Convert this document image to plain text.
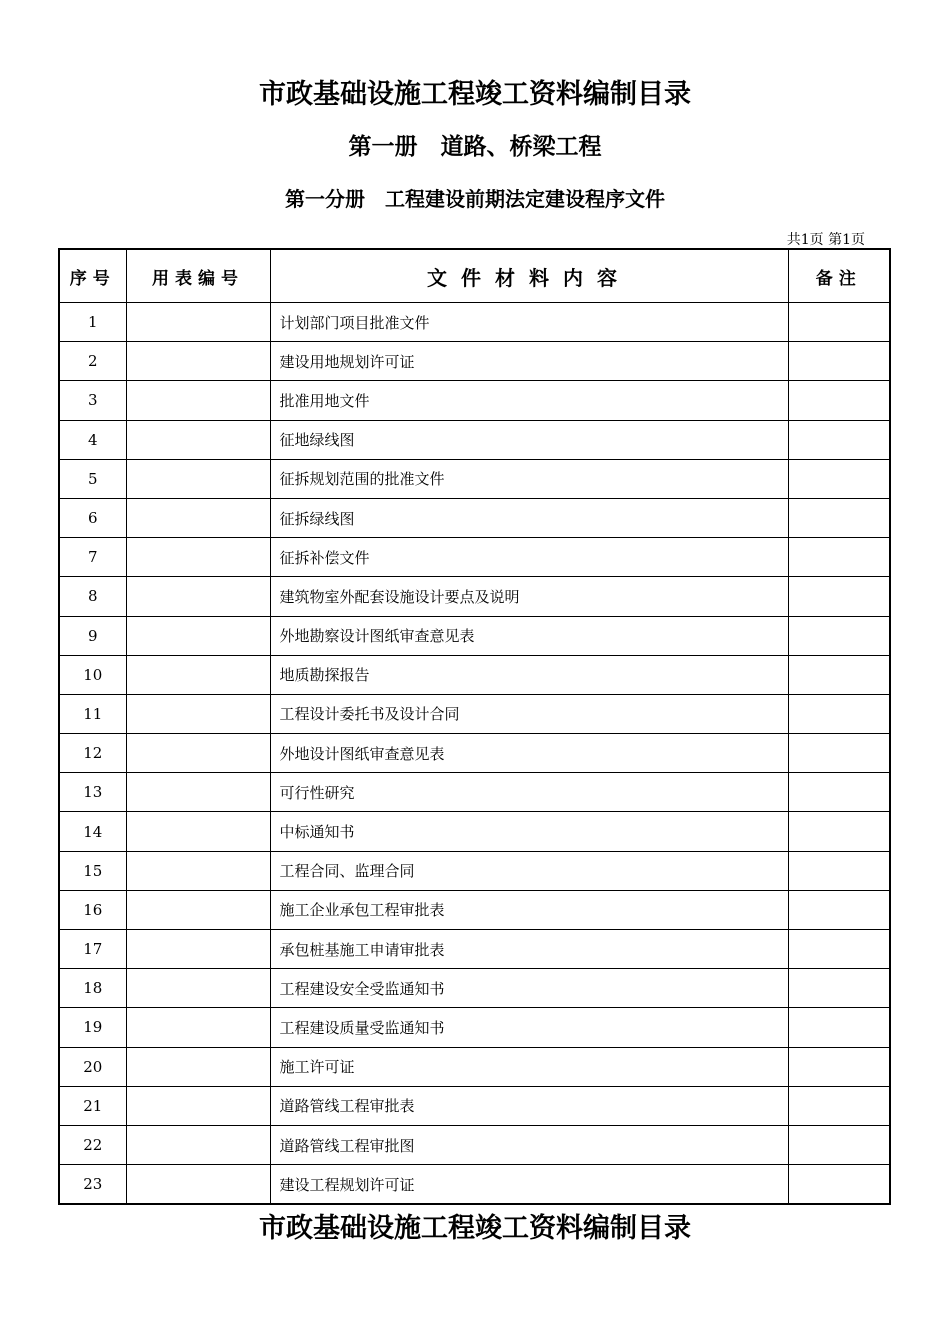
市政基础设施工程竣工资料编制目录
第一册　道路、桥梁工程
第一分册　工程建设前期法定建设程序文件
共1页 第1页
序号	用表编号	文件材料内容	备注
1		计划部门项目批准文件	
2		建设用地规划许可证	
3		批准用地文件	
4		征地绿线图	
5		征拆规划范围的批准文件	
6		征拆绿线图	
7		征拆补偿文件	
8		建筑物室外配套设施设计要点及说明	
9		外地勘察设计图纸审查意见表	
10		地质勘探报告	
11		工程设计委托书及设计合同	
12		外地设计图纸审查意见表	
13		可行性研究	
14		中标通知书	
15		工程合同、监理合同	
16		施工企业承包工程审批表	
17		承包桩基施工申请审批表	
18		工程建设安全受监通知书	
19		工程建设质量受监通知书	
20		施工许可证	
21		道路管线工程审批表	
22		道路管线工程审批图	
23		建设工程规划许可证	
市政基础设施工程竣工资料编制目录
